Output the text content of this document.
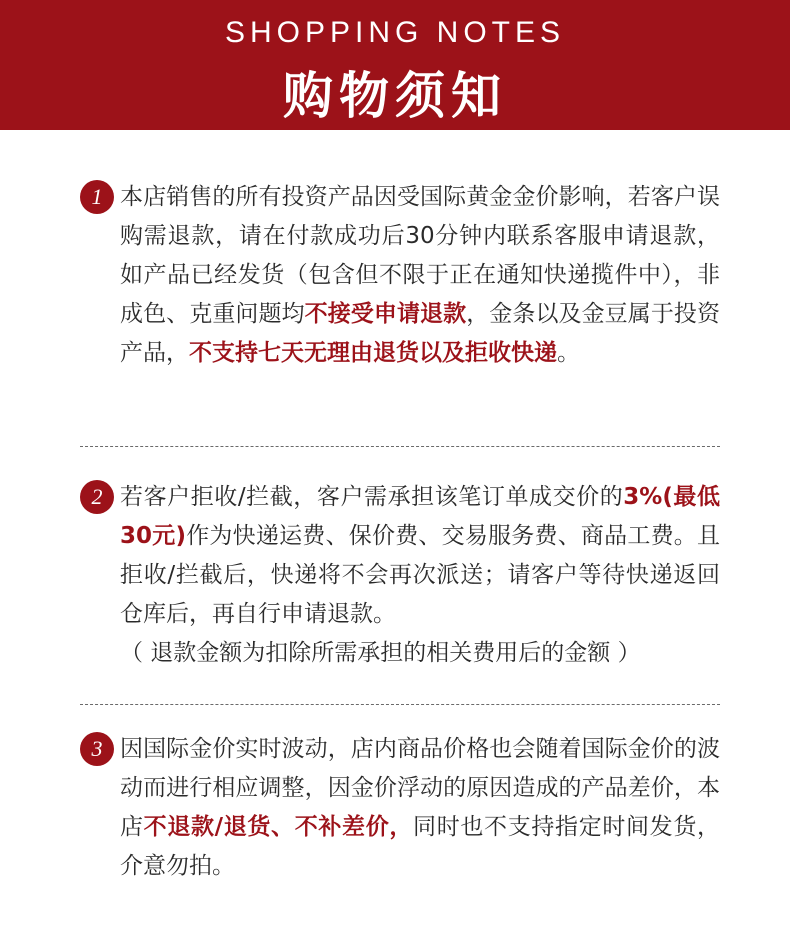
SHOPPING NOTES
购物须知
1 本店销售的所有投资产品因受国际黄金金价影响，若客户误购需退款，请在付款成功后30分钟内联系客服申请退款，如产品已经发货（包含但不限于正在通知快递揽件中），非成色、克重问题均不接受申请退款，金条以及金豆属于投资产品，不支持七天无理由退货以及拒收快递。
2 若客户拒收/拦截，客户需承担该笔订单成交价的3%(最低30元)作为快递运费、保价费、交易服务费、商品工费。且拒收/拦截后，快递将不会再次派送；请客户等待快递返回仓库后，再自行申请退款。
（ 退款金额为扣除所需承担的相关费用后的金额 ）
3 因国际金价实时波动，店内商品价格也会随着国际金价的波动而进行相应调整，因金价浮动的原因造成的产品差价，本店不退款/退货、不补差价，同时也不支持指定时间发货，介意勿拍。
